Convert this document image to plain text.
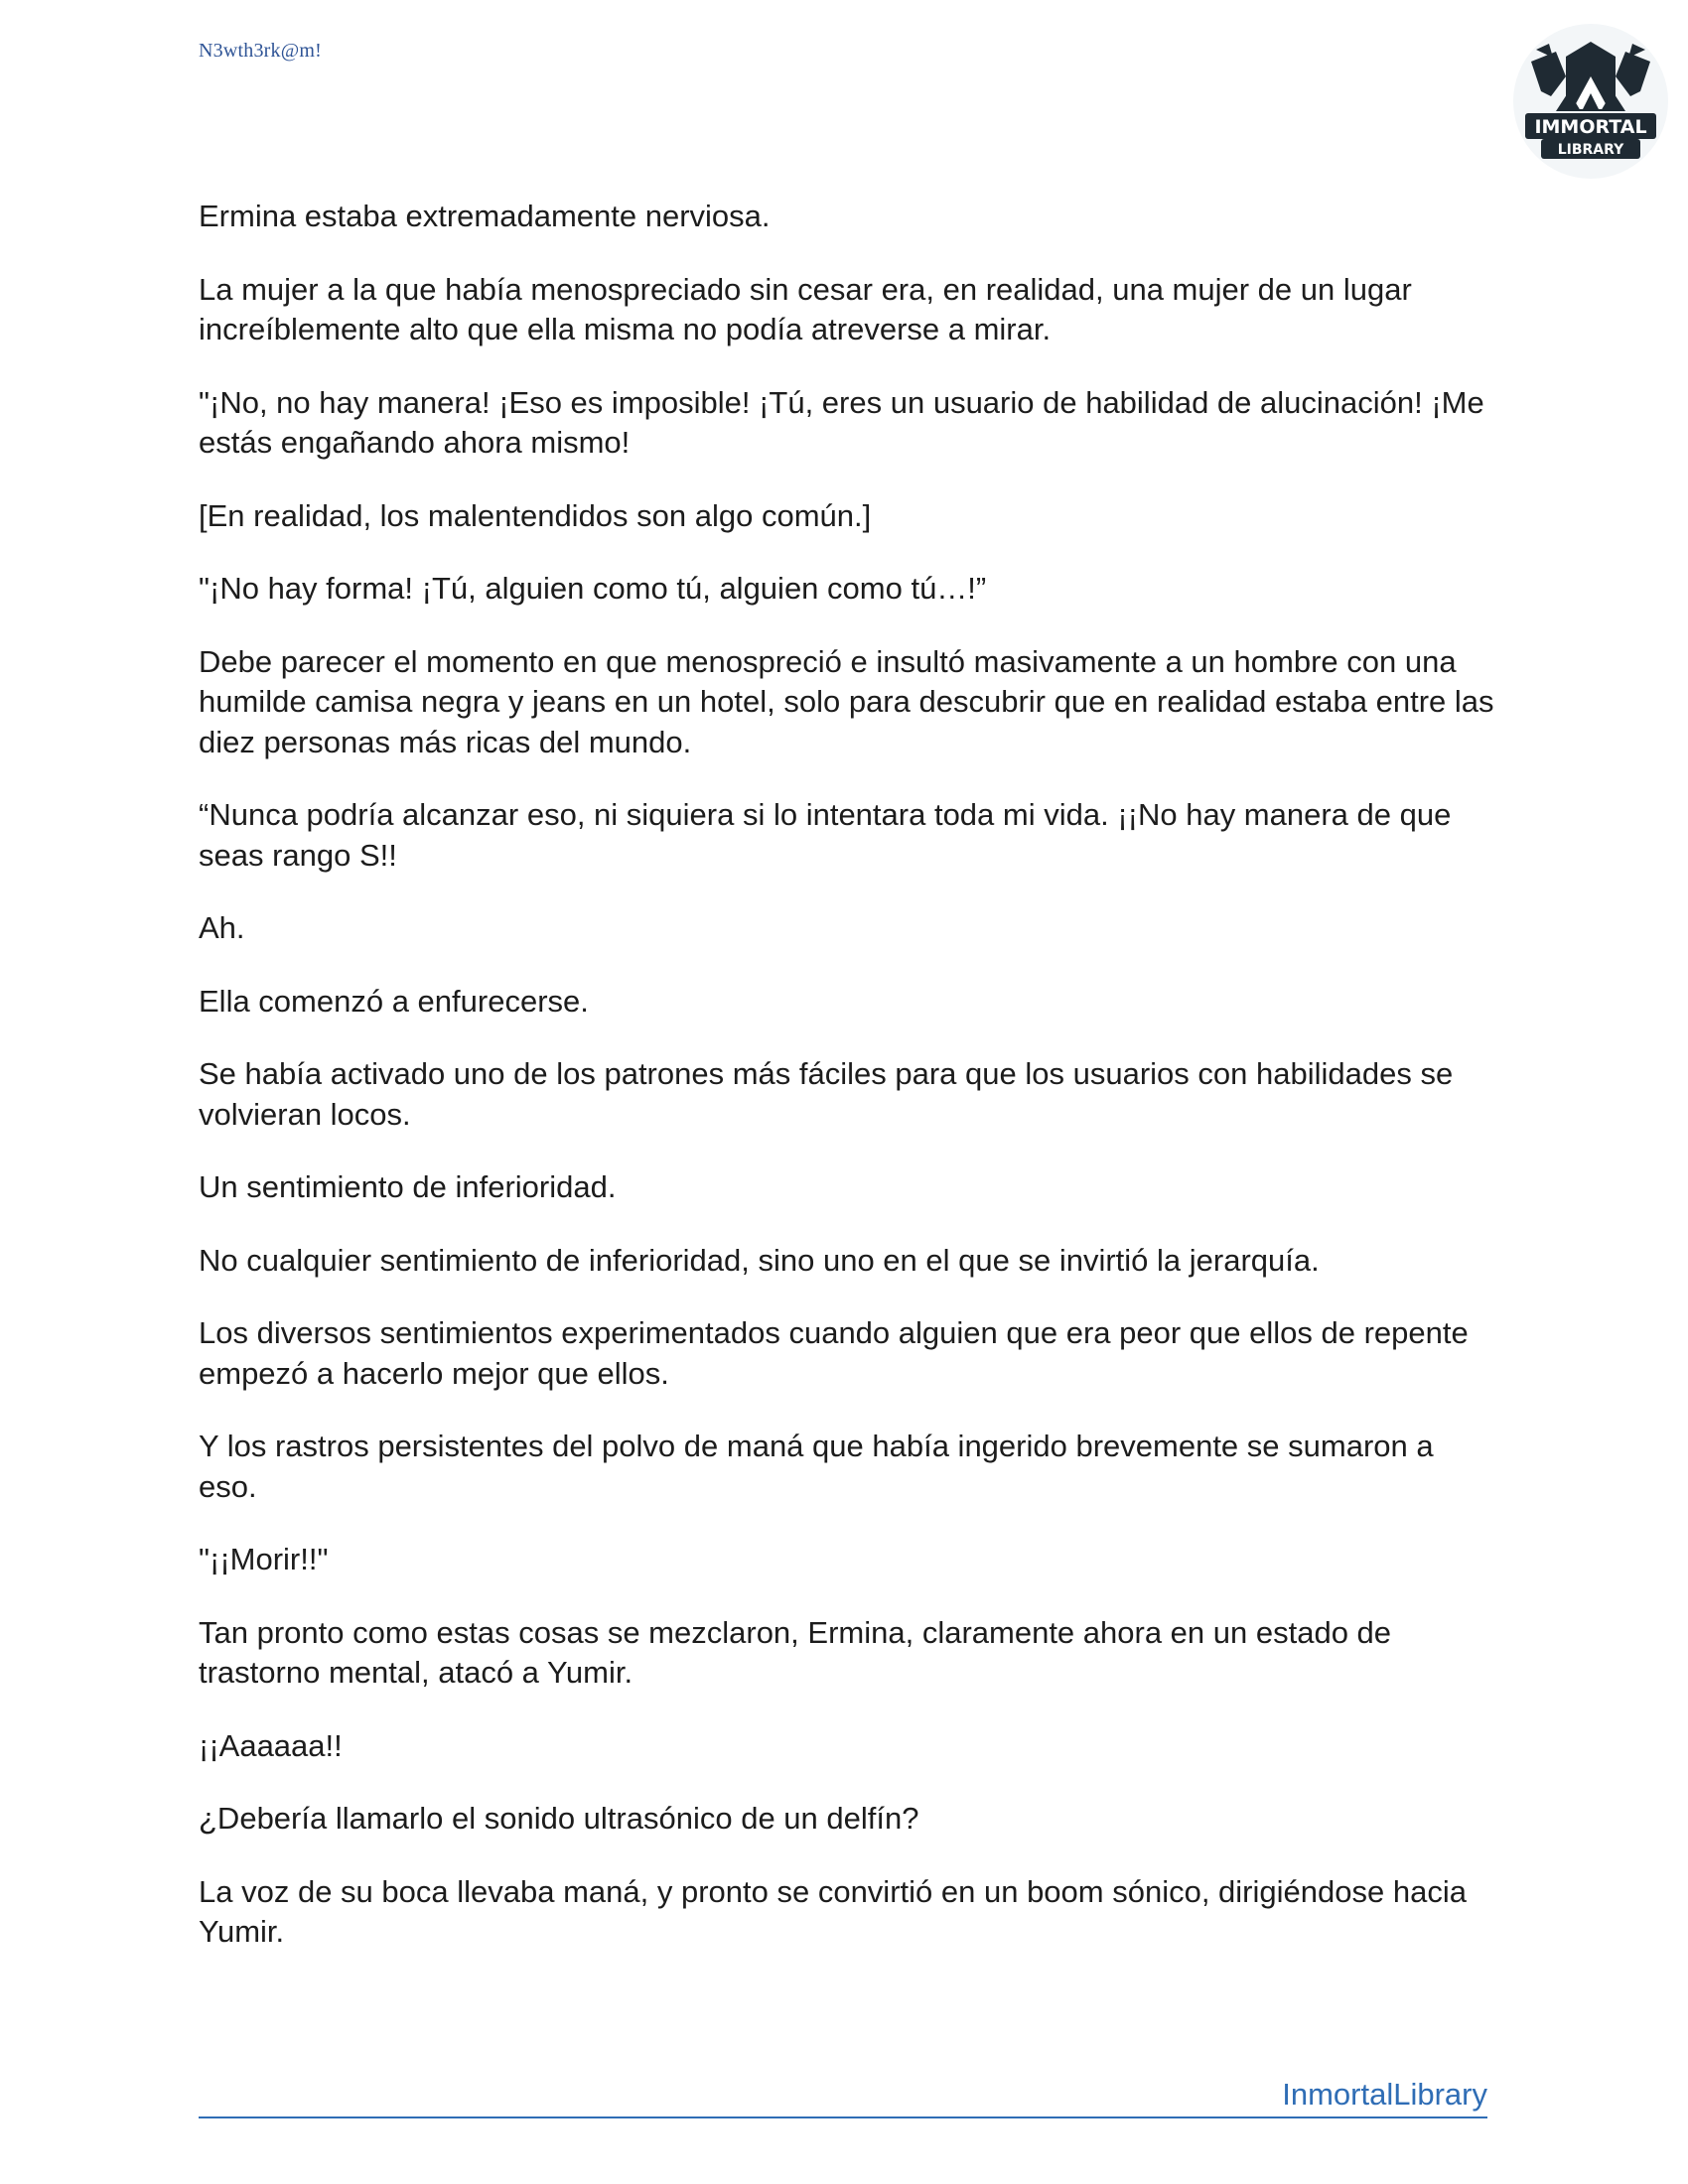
N3wth3rk@m!
IMMORTAL
LIBRARY

Ermina estaba extremadamente nerviosa.

La mujer a la que había menospreciado sin cesar era, en realidad, una mujer de un lugar increíblemente alto que ella misma no podía atreverse a mirar.

"¡No, no hay manera! ¡Eso es imposible! ¡Tú, eres un usuario de habilidad de alucinación! ¡Me estás engañando ahora mismo!

[En realidad, los malentendidos son algo común.]

"¡No hay forma! ¡Tú, alguien como tú, alguien como tú…!”

Debe parecer el momento en que menospreció e insultó masivamente a un hombre con una humilde camisa negra y jeans en un hotel, solo para descubrir que en realidad estaba entre las diez personas más ricas del mundo.

“Nunca podría alcanzar eso, ni siquiera si lo intentara toda mi vida. ¡¡No hay manera de que seas rango S!!

Ah.

Ella comenzó a enfurecerse.

Se había activado uno de los patrones más fáciles para que los usuarios con habilidades se volvieran locos.

Un sentimiento de inferioridad.

No cualquier sentimiento de inferioridad, sino uno en el que se invirtió la jerarquía.

Los diversos sentimientos experimentados cuando alguien que era peor que ellos de repente empezó a hacerlo mejor que ellos.

Y los rastros persistentes del polvo de maná que había ingerido brevemente se sumaron a eso.

"¡¡Morir!!"

Tan pronto como estas cosas se mezclaron, Ermina, claramente ahora en un estado de trastorno mental, atacó a Yumir.

¡¡Aaaaaa!!

¿Debería llamarlo el sonido ultrasónico de un delfín?

La voz de su boca llevaba maná, y pronto se convirtió en un boom sónico, dirigiéndose hacia Yumir.

InmortalLibrary
